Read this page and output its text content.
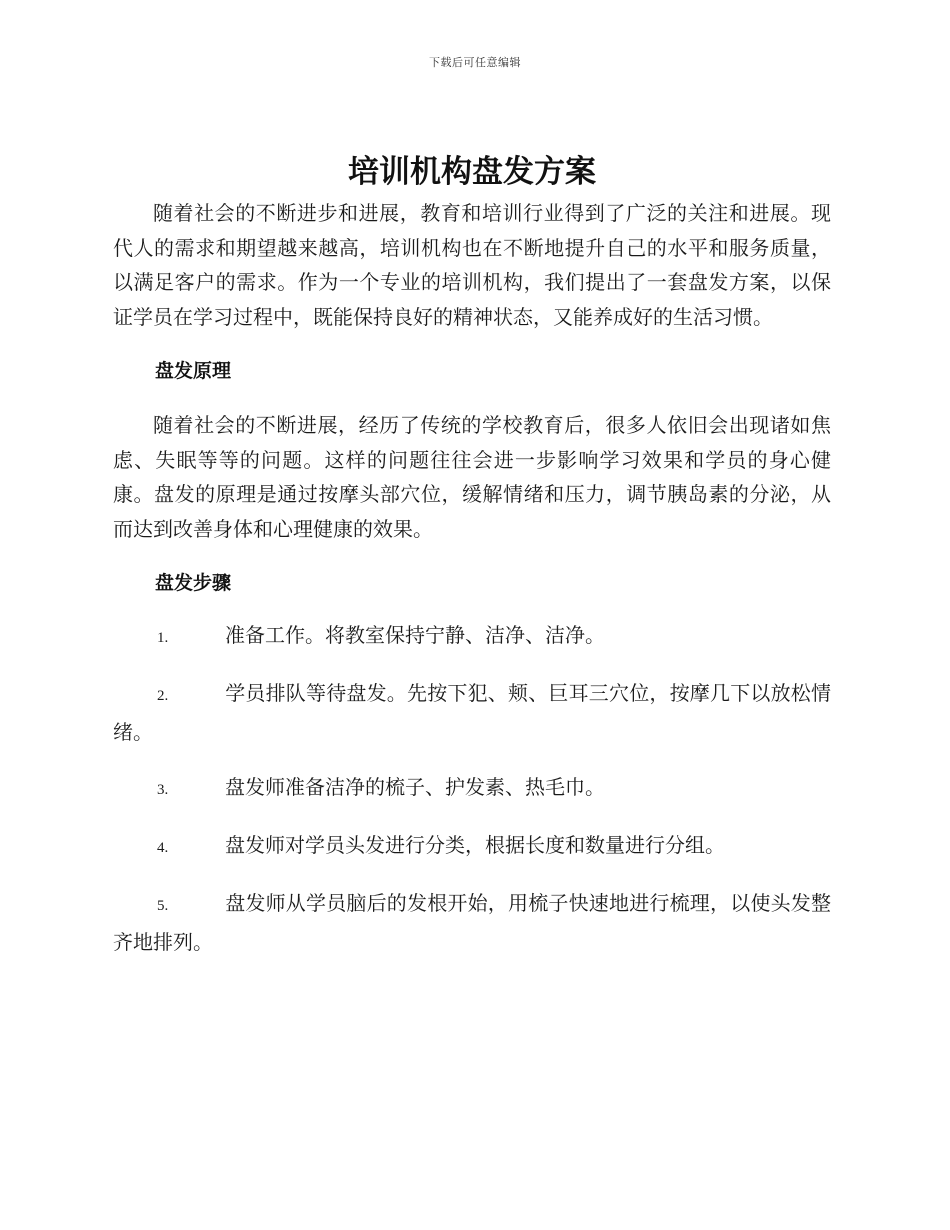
下载后可任意编辑
培训机构盘发方案

随着社会的不断进步和进展，教育和培训行业得到了广泛的关注和进展。现代人的需求和期望越来越高，培训机构也在不断地提升自己的水平和服务质量，以满足客户的需求。作为一个专业的培训机构，我们提出了一套盘发方案，以保证学员在学习过程中，既能保持良好的精神状态，又能养成好的生活习惯。

盘发原理

随着社会的不断进展，经历了传统的学校教育后，很多人依旧会出现诸如焦虑、失眠等等的问题。这样的问题往往会进一步影响学习效果和学员的身心健康。盘发的原理是通过按摩头部穴位，缓解情绪和压力，调节胰岛素的分泌，从而达到改善身体和心理健康的效果。

盘发步骤

1.	准备工作。将教室保持宁静、洁净、洁净。

2.	学员排队等待盘发。先按下犯、颊、巨耳三穴位，按摩几下以放松情绪。

3.	盘发师准备洁净的梳子、护发素、热毛巾。

4.	盘发师对学员头发进行分类，根据长度和数量进行分组。

5.	盘发师从学员脑后的发根开始，用梳子快速地进行梳理，以使头发整齐地排列。
